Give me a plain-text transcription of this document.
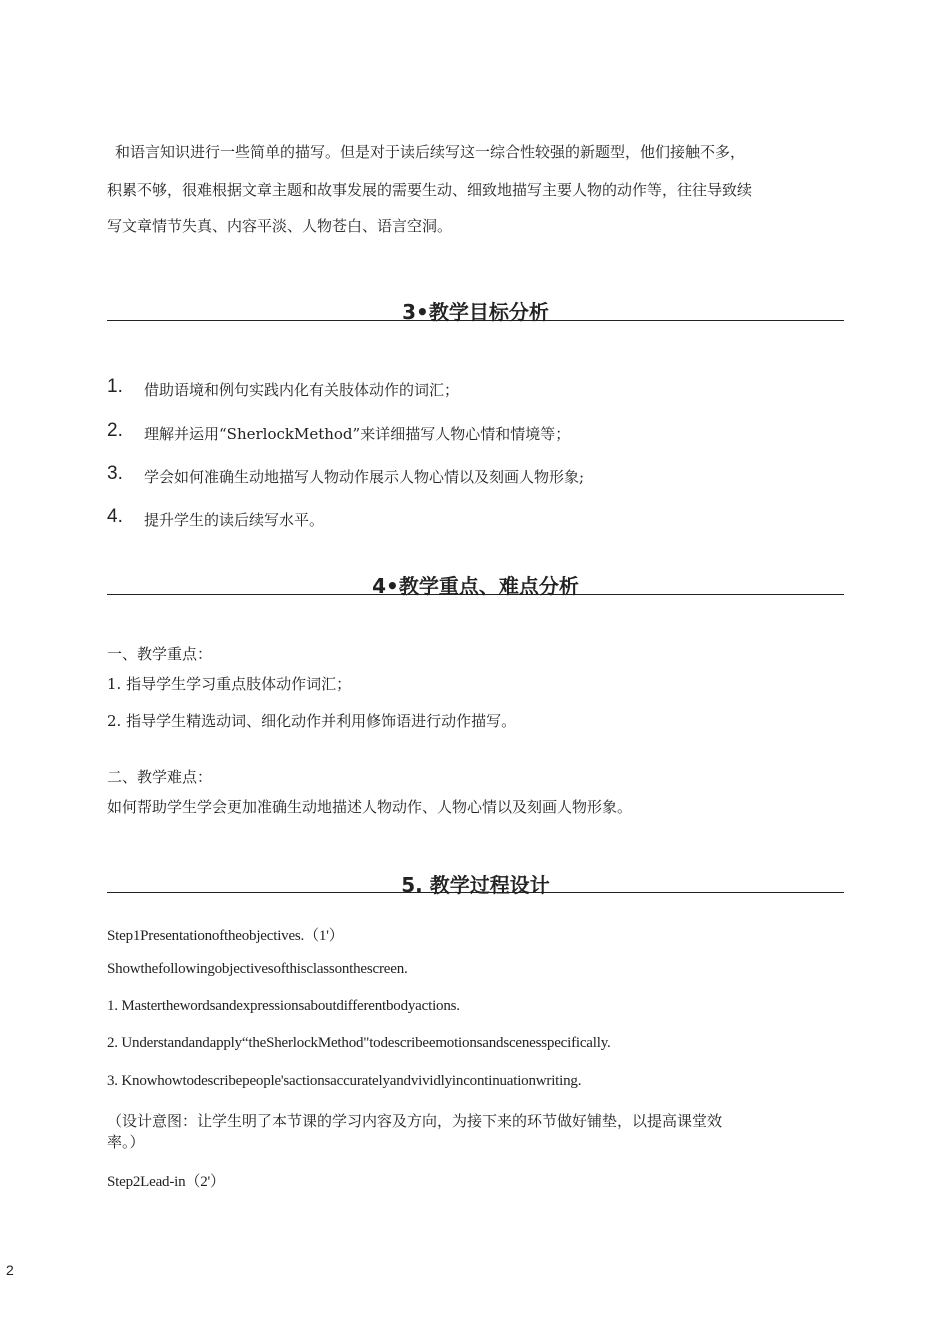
和语言知识进行一些简单的描写。但是对于读后续写这一综合性较强的新题型，他们接触不多，
积累不够，很难根据文章主题和故事发展的需要生动、细致地描写主要人物的动作等，往往导致续
写文章情节失真、内容平淡、人物苍白、语言空洞。
3•教学目标分析
1. 借助语境和例句实践内化有关肢体动作的词汇；
2. 理解并运用“SherlockMethod”来详细描写人物心情和情境等；
3. 学会如何准确生动地描写人物动作展示人物心情以及刻画人物形象;
4. 提升学生的读后续写水平。
4•教学重点、难点分析
一、教学重点：
1. 指导学生学习重点肢体动作词汇；
2. 指导学生精选动词、细化动作并利用修饰语进行动作描写。
二、教学难点：
如何帮助学生学会更加准确生动地描述人物动作、人物心情以及刻画人物形象。
5. 教学过程设计
Step1Presentationoftheobjectives.（1'）
Showthefollowingobjectivesofthisclassonthescreen.
1. Masterthewordsandexpressionsaboutdifferentbodyactions.
2. Understandandapply“theSherlockMethod"todescribeemotionsandscenesspecifically.
3. Knowhowtodescribepeople'sactionsaccuratelyandvividlyincontinuationwriting.
（设计意图：让学生明了本节课的学习内容及方向，为接下来的环节做好铺垫，以提高课堂效
率。）
Step2Lead-in（2'）
2
